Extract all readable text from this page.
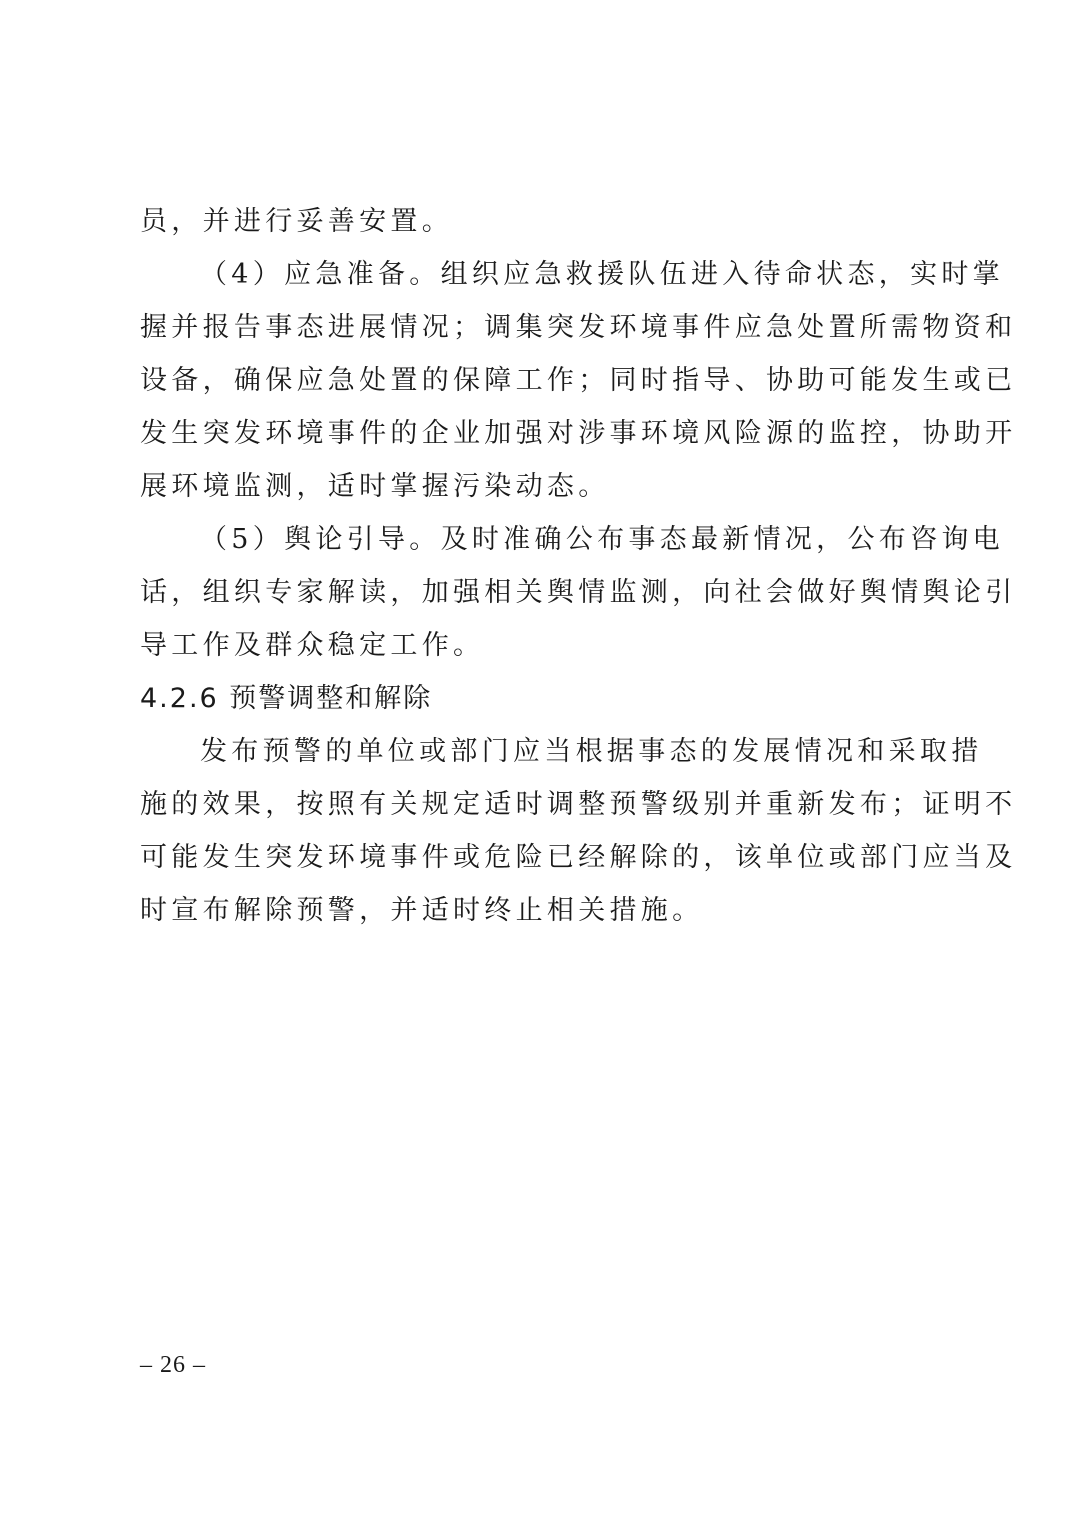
员，并进行妥善安置。
（4）应急准备。组织应急救援队伍进入待命状态，实时掌
握并报告事态进展情况；调集突发环境事件应急处置所需物资和
设备，确保应急处置的保障工作；同时指导、协助可能发生或已
发生突发环境事件的企业加强对涉事环境风险源的监控，协助开
展环境监测，适时掌握污染动态。
（5）舆论引导。及时准确公布事态最新情况，公布咨询电
话，组织专家解读，加强相关舆情监测，向社会做好舆情舆论引
导工作及群众稳定工作。
4.2.6 预警调整和解除
发布预警的单位或部门应当根据事态的发展情况和采取措
施的效果，按照有关规定适时调整预警级别并重新发布；证明不
可能发生突发环境事件或危险已经解除的，该单位或部门应当及
时宣布解除预警，并适时终止相关措施。
– 26 –
